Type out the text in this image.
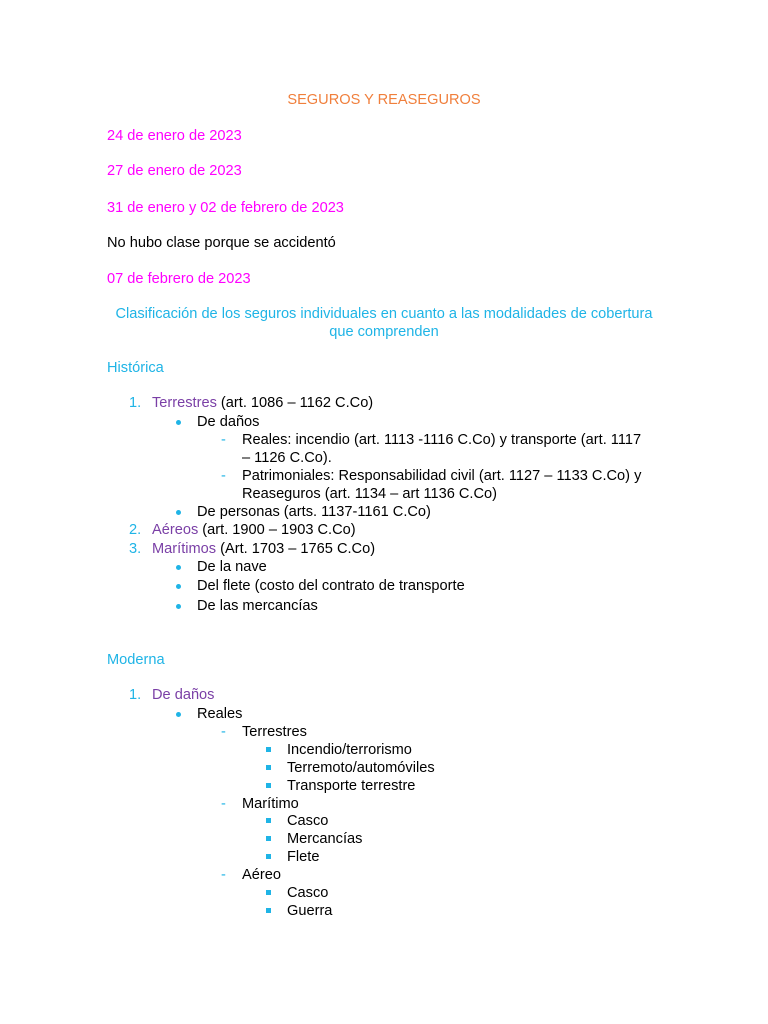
SEGUROS Y REASEGUROS
24 de enero de 2023
27 de enero de 2023
31 de enero y 02 de febrero de 2023
No hubo clase porque se accidentó
07 de febrero de 2023
Clasificación de los seguros individuales en cuanto a las modalidades de cobertura
que comprenden
Histórica
1. Terrestres (art. 1086 – 1162 C.Co)
De daños
- Reales: incendio (art. 1113 -1116 C.Co) y transporte (art. 1117
– 1126 C.Co).
- Patrimoniales: Responsabilidad civil (art. 1127 – 1133 C.Co) y
Reaseguros (art. 1134 – art 1136 C.Co)
De personas (arts. 1137-1161 C.Co)
2. Aéreos (art. 1900 – 1903 C.Co)
3. Marítimos (Art. 1703 – 1765 C.Co)
De la nave
Del flete (costo del contrato de transporte
De las mercancías
Moderna
1. De daños
Reales
- Terrestres
Incendio/terrorismo
Terremoto/automóviles
Transporte terrestre
- Marítimo
Casco
Mercancías
Flete
- Aéreo
Casco
Guerra
